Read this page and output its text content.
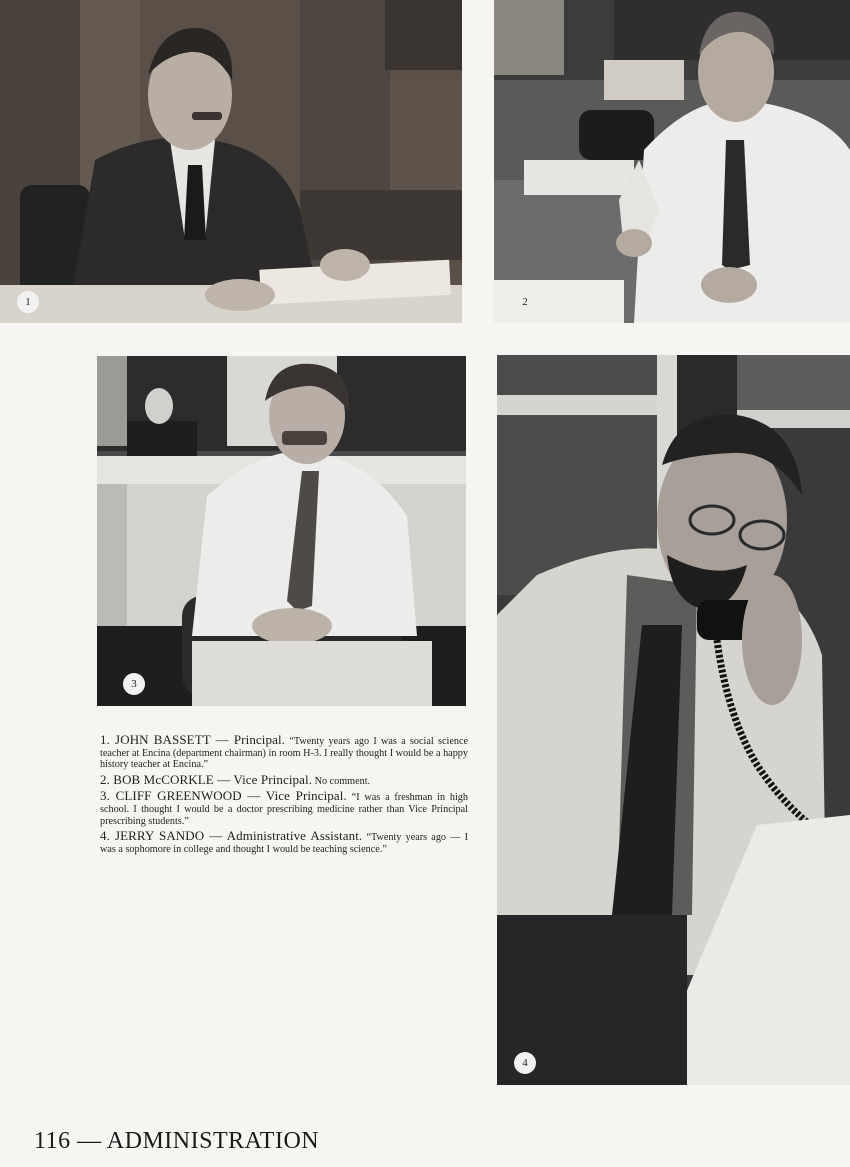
1	2
3
4

1. JOHN BASSETT — Principal. “Twenty years ago I was a social science teacher at Encina (department chairman) in room H-3. I really thought I would be a happy history teacher at Encina.”

2. BOB McCORKLE — Vice Principal. No comment.

3. CLIFF GREENWOOD — Vice Principal. “I was a freshman in high school. I thought I would be a doctor prescribing medicine rather than Vice Principal prescribing students.”

4. JERRY SANDO — Administrative Assistant. “Twenty years ago — I was a sophomore in college and thought I would be teaching science.”

116 — ADMINISTRATION
